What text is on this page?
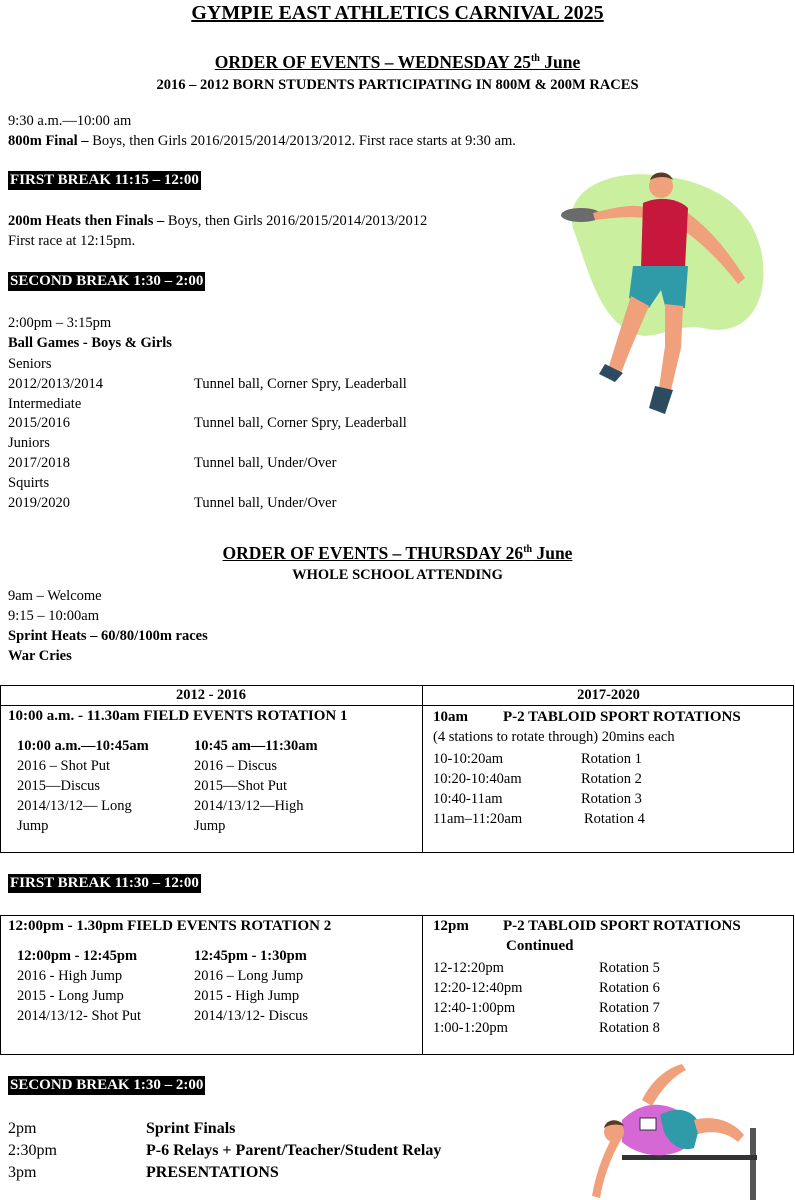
GYMPIE EAST ATHLETICS CARNIVAL 2025
ORDER OF EVENTS – WEDNESDAY 25th June
2016 – 2012 BORN STUDENTS PARTICIPATING IN 800M & 200M RACES
9:30 a.m.—10:00 am
800m Final – Boys, then Girls 2016/2015/2014/2013/2012. First race starts at 9:30 am.
FIRST BREAK 11:15 – 12:00
200m Heats then Finals – Boys, then Girls 2016/2015/2014/2013/2012
First race at 12:15pm.
SECOND BREAK 1:30 – 2:00
2:00pm – 3:15pm
Ball Games - Boys & Girls
Seniors
2012/2013/2014	Tunnel ball, Corner Spry, Leaderball
Intermediate
2015/2016	Tunnel ball, Corner Spry, Leaderball
Juniors
2017/2018	Tunnel ball, Under/Over
Squirts
2019/2020	Tunnel ball, Under/Over
ORDER OF EVENTS – THURSDAY 26th June
WHOLE SCHOOL ATTENDING
9am – Welcome
9:15 – 10:00am
Sprint Heats – 60/80/100m races
War Cries
2012 - 2016	2017-2020
10:00 a.m. - 11.30am FIELD EVENTS ROTATION 1
10:00 a.m.—10:45am
2016 – Shot Put
2015—Discus
2014/13/12— Long
Jump
10:45 am—11:30am
2016 – Discus
2015—Shot Put
2014/13/12—High
Jump
10am P-2 TABLOID SPORT ROTATIONS
(4 stations to rotate through) 20mins each
10-10:20am	Rotation 1
10:20-10:40am	Rotation 2
10:40-11am	Rotation 3
11am–11:20am	Rotation 4
FIRST BREAK 11:30 – 12:00
12:00pm - 1.30pm FIELD EVENTS ROTATION 2
12:00pm - 12:45pm
2016 - High Jump
2015 - Long Jump
2014/13/12- Shot Put
12:45pm - 1:30pm
2016 – Long Jump
2015 - High Jump
2014/13/12- Discus
12pm P-2 TABLOID SPORT ROTATIONS
Continued
12-12:20pm	Rotation 5
12:20-12:40pm	Rotation 6
12:40-1:00pm	Rotation 7
1:00-1:20pm	Rotation 8
SECOND BREAK 1:30 – 2:00
2pm	Sprint Finals
2:30pm	P-6 Relays + Parent/Teacher/Student Relay
3pm	PRESENTATIONS
